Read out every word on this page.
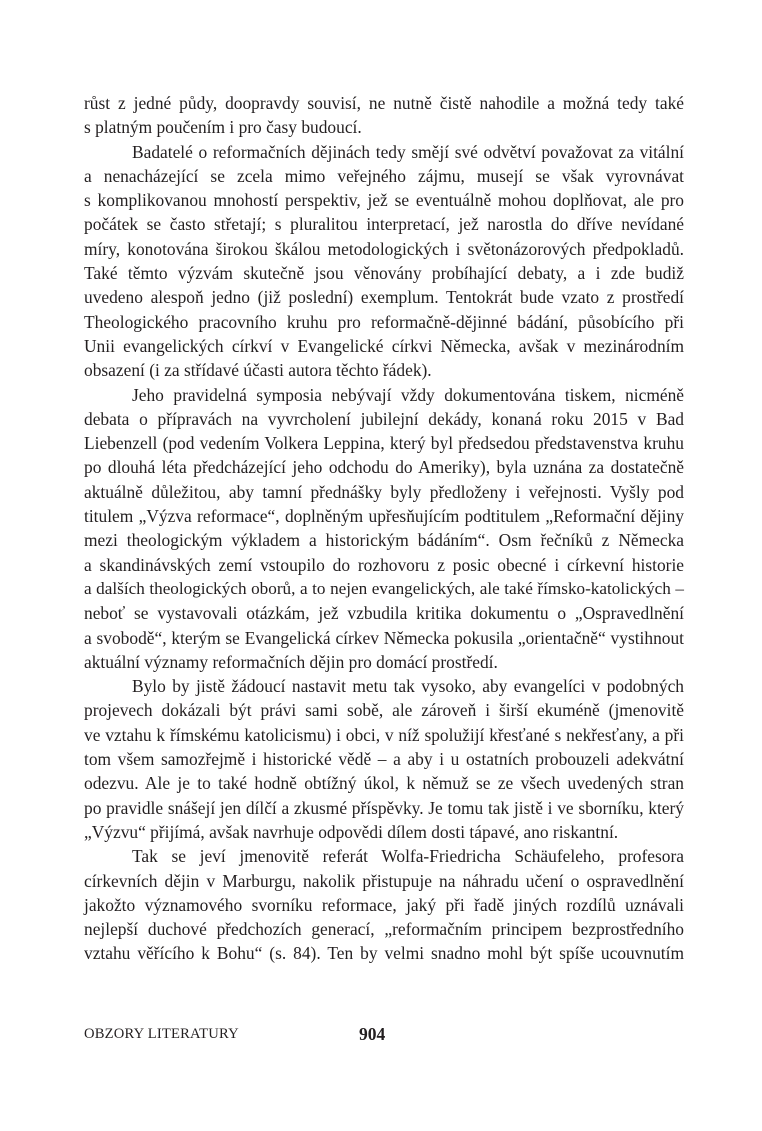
růst z jedné půdy, doopravdy souvisí, ne nutně čistě nahodile a možná tedy také
s platným poučením i pro časy budoucí.
Badatelé o reformačních dějinách tedy smějí své odvětví považovat za vitální
a nenacházející se zcela mimo veřejného zájmu, musejí se však vyrovnávat
s komplikovanou mnohostí perspektiv, jež se eventuálně mohou doplňovat, ale pro
počátek se často střetají; s pluralitou interpretací, jež narostla do dříve nevídané
míry, konotována širokou škálou metodologických i světonázorových předpokladů.
Také těmto výzvám skutečně jsou věnovány probíhající debaty, a i zde budiž
uvedeno alespoň jedno (již poslední) exemplum. Tentokrát bude vzato z prostředí
Theologického pracovního kruhu pro reformačně-dějinné bádání, působícího při
Unii evangelických církví v Evangelické církvi Německa, avšak v mezinárodním
obsazení (i za střídavé účasti autora těchto řádek).
Jeho pravidelná symposia nebývají vždy dokumentována tiskem, nicméně
debata o přípravách na vyvrcholení jubilejní dekády, konaná roku 2015 v Bad
Liebenzell (pod vedením Volkera Leppina, který byl předsedou představenstva kruhu
po dlouhá léta předcházející jeho odchodu do Ameriky), byla uznána za dostatečně
aktuálně důležitou, aby tamní přednášky byly předloženy i veřejnosti. Vyšly pod
titulem „Výzva reformace“, doplněným upřesňujícím podtitulem „Reformační dějiny
mezi theologickým výkladem a historickým bádáním“. Osm řečníků z Německa
a skandinávských zemí vstoupilo do rozhovoru z posic obecné i církevní historie
a dalších theologických oborů, a to nejen evangelických, ale také římsko-katolických –
neboť se vystavovali otázkám, jež vzbudila kritika dokumentu o „Ospravedlnění
a svobodě“, kterým se Evangelická církev Německa pokusila „orientačně“ vystihnout
aktuální významy reformačních dějin pro domácí prostředí.
Bylo by jistě žádoucí nastavit metu tak vysoko, aby evangelíci v podobných
projevech dokázali být právi sami sobě, ale zároveň i širší ekuméně (jmenovitě
ve vztahu k římskému katolicismu) i obci, v níž spolužijí křesťané s nekřesťany, a při
tom všem samozřejmě i historické vědě – a aby i u ostatních probouzeli adekvátní
odezvu. Ale je to také hodně obtížný úkol, k němuž se ze všech uvedených stran
po pravidle snášejí jen dílčí a zkusmé příspěvky. Je tomu tak jistě i ve sborníku, který
„Výzvu“ přijímá, avšak navrhuje odpovědi dílem dosti tápavé, ano riskantní.
Tak se jeví jmenovitě referát Wolfa-Friedricha Schäufeleho, profesora
církevních dějin v Marburgu, nakolik přistupuje na náhradu učení o ospravedlnění
jakožto významového svorníku reformace, jaký při řadě jiných rozdílů uznávali
nejlepší duchové předchozích generací, „reformačním principem bezprostředního
vztahu věřícího k Bohu“ (s. 84). Ten by velmi snadno mohl být spíše ucouvnutím
OBZORY LITERATURY	904
